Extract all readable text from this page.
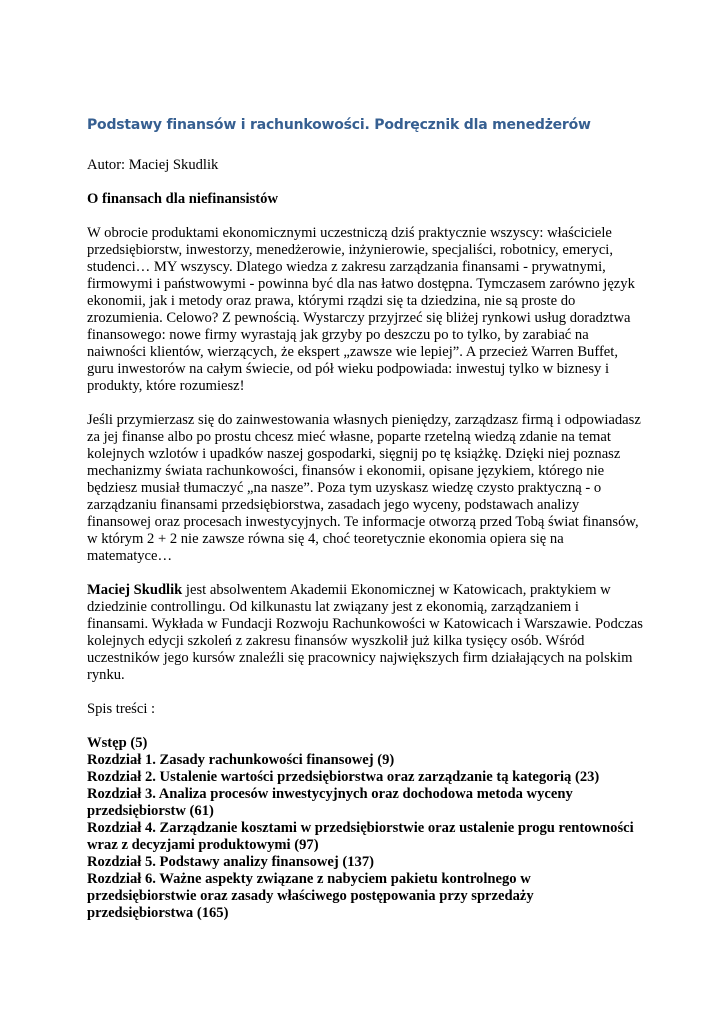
Podstawy finansów i rachunkowości. Podręcznik dla menedżerów

Autor: Maciej Skudlik

O finansach dla niefinansistów

W obrocie produktami ekonomicznymi uczestniczą dziś praktycznie wszyscy: właściciele przedsiębiorstw, inwestorzy, menedżerowie, inżynierowie, specjaliści, robotnicy, emeryci, studenci… MY wszyscy. Dlatego wiedza z zakresu zarządzania finansami - prywatnymi, firmowymi i państwowymi - powinna być dla nas łatwo dostępna. Tymczasem zarówno język ekonomii, jak i metody oraz prawa, którymi rządzi się ta dziedzina, nie są proste do zrozumienia. Celowo? Z pewnością. Wystarczy przyjrzeć się bliżej rynkowi usług doradztwa finansowego: nowe firmy wyrastają jak grzyby po deszczu po to tylko, by zarabiać na naiwności klientów, wierzących, że ekspert „zawsze wie lepiej”. A przecież Warren Buffet, guru inwestorów na całym świecie, od pół wieku podpowiada: inwestuj tylko w biznesy i produkty, które rozumiesz!

Jeśli przymierzasz się do zainwestowania własnych pieniędzy, zarządzasz firmą i odpowiadasz za jej finanse albo po prostu chcesz mieć własne, poparte rzetelną wiedzą zdanie na temat kolejnych wzlotów i upadków naszej gospodarki, sięgnij po tę książkę. Dzięki niej poznasz mechanizmy świata rachunkowości, finansów i ekonomii, opisane językiem, którego nie będziesz musiał tłumaczyć „na nasze”. Poza tym uzyskasz wiedzę czysto praktyczną - o zarządzaniu finansami przedsiębiorstwa, zasadach jego wyceny, podstawach analizy finansowej oraz procesach inwestycyjnych. Te informacje otworzą przed Tobą świat finansów, w którym 2 + 2 nie zawsze równa się 4, choć teoretycznie ekonomia opiera się na matematyce…

Maciej Skudlik jest absolwentem Akademii Ekonomicznej w Katowicach, praktykiem w dziedzinie controllingu. Od kilkunastu lat związany jest z ekonomią, zarządzaniem i finansami. Wykłada w Fundacji Rozwoju Rachunkowości w Katowicach i Warszawie. Podczas kolejnych edycji szkoleń z zakresu finansów wyszkolił już kilka tysięcy osób. Wśród uczestników jego kursów znaleźli się pracownicy największych firm działających na polskim rynku.

Spis treści :

Wstęp (5)
Rozdział 1. Zasady rachunkowości finansowej (9)
Rozdział 2. Ustalenie wartości przedsiębiorstwa oraz zarządzanie tą kategorią (23)
Rozdział 3. Analiza procesów inwestycyjnych oraz dochodowa metoda wyceny przedsiębiorstw (61)
Rozdział 4. Zarządzanie kosztami w przedsiębiorstwie oraz ustalenie progu rentowności wraz z decyzjami produktowymi (97)
Rozdział 5. Podstawy analizy finansowej (137)
Rozdział 6. Ważne aspekty związane z nabyciem pakietu kontrolnego w przedsiębiorstwie oraz zasady właściwego postępowania przy sprzedaży przedsiębiorstwa (165)
